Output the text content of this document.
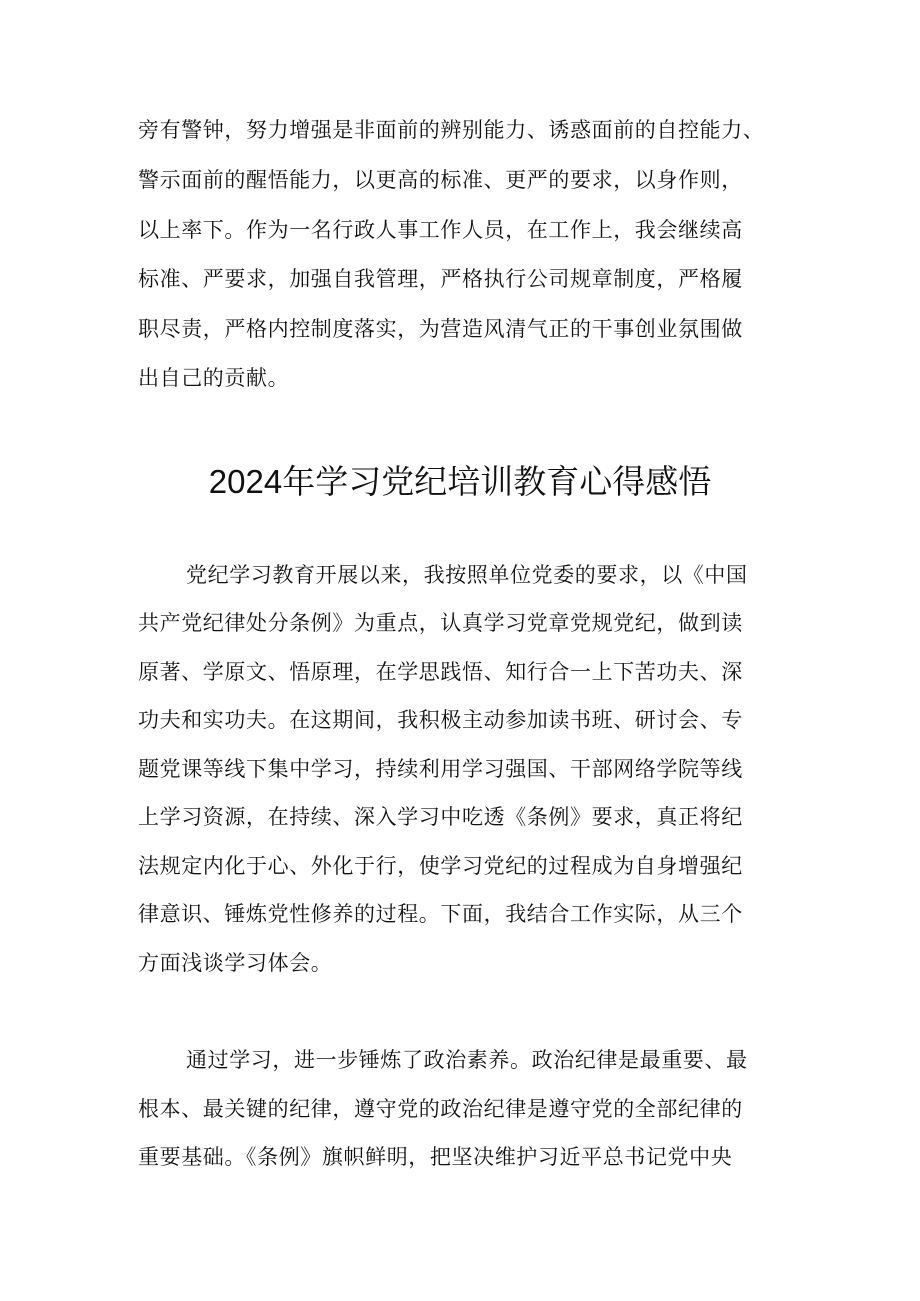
旁有警钟，努力增强是非面前的辨别能力、诱惑面前的自控能力、
警示面前的醒悟能力，以更高的标准、更严的要求，以身作则，
以上率下。作为一名行政人事工作人员，在工作上，我会继续高
标准、严要求，加强自我管理，严格执行公司规章制度，严格履
职尽责，严格内控制度落实，为营造风清气正的干事创业氛围做
出自己的贡献。
2024年学习党纪培训教育心得感悟
党纪学习教育开展以来，我按照单位党委的要求，以《中国
共产党纪律处分条例》为重点，认真学习党章党规党纪，做到读
原著、学原文、悟原理，在学思践悟、知行合一上下苦功夫、深
功夫和实功夫。在这期间，我积极主动参加读书班、研讨会、专
题党课等线下集中学习，持续利用学习强国、干部网络学院等线
上学习资源，在持续、深入学习中吃透《条例》要求，真正将纪
法规定内化于心、外化于行，使学习党纪的过程成为自身增强纪
律意识、锤炼党性修养的过程。下面，我结合工作实际，从三个
方面浅谈学习体会。
通过学习，进一步锤炼了政治素养。政治纪律是最重要、最
根本、最关键的纪律，遵守党的政治纪律是遵守党的全部纪律的
重要基础。《条例》旗帜鲜明，把坚决维护习近平总书记党中央
